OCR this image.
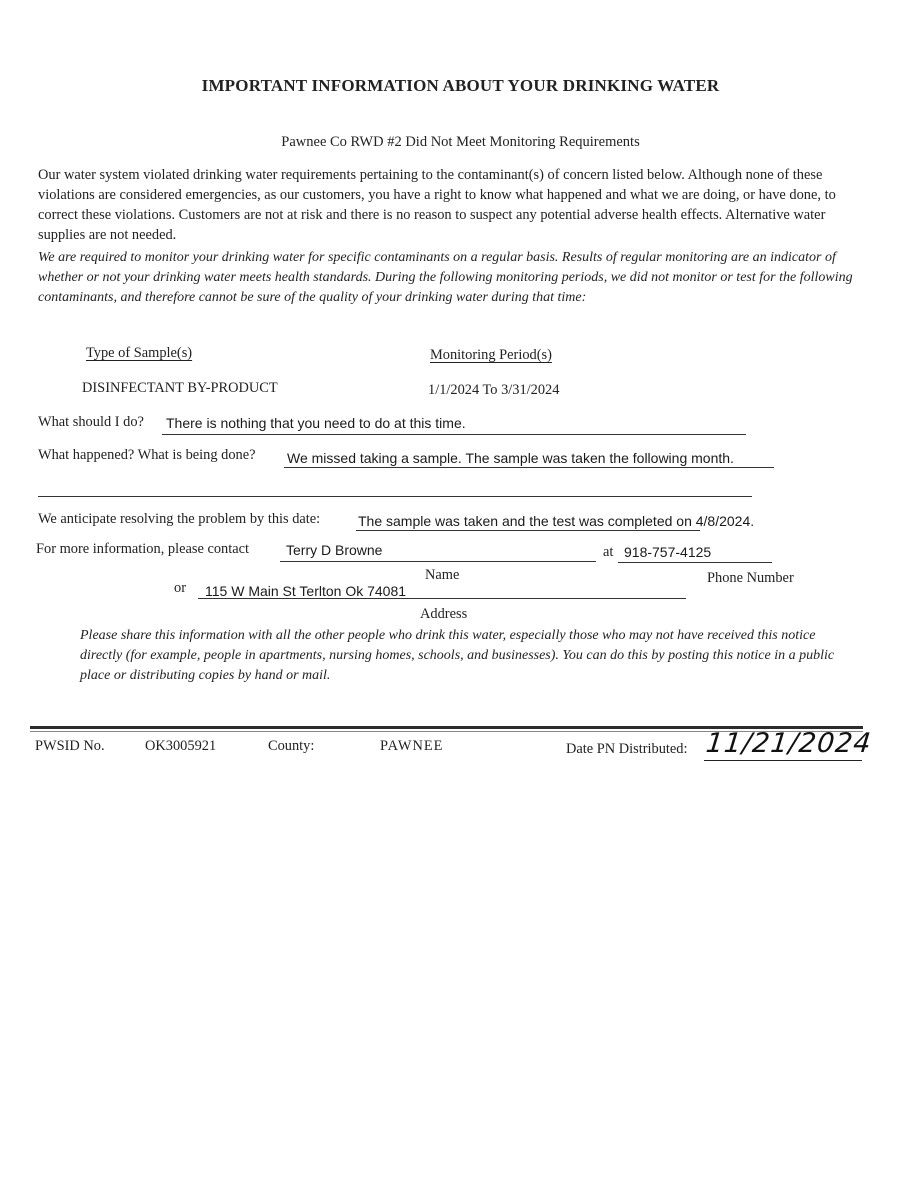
IMPORTANT INFORMATION ABOUT YOUR DRINKING WATER
Pawnee Co RWD #2 Did Not Meet Monitoring Requirements
Our water system violated drinking water requirements pertaining to the contaminant(s) of concern listed below. Although none of these violations are considered emergencies, as our customers, you have a right to know what happened and what we are doing, or have done, to correct these violations. Customers are not at risk and there is no reason to suspect any potential adverse health effects. Alternative water supplies are not needed.
We are required to monitor your drinking water for specific contaminants on a regular basis. Results of regular monitoring are an indicator of whether or not your drinking water meets health standards. During the following monitoring periods, we did not monitor or test for the following contaminants, and therefore cannot be sure of the quality of your drinking water during that time:
Type of Sample(s)	Monitoring Period(s)
DISINFECTANT BY-PRODUCT	1/1/2024 To 3/31/2024
What should I do? There is nothing that you need to do at this time.
What happened? What is being done? We missed taking a sample. The sample was taken the following month.
We anticipate resolving the problem by this date:	The sample was taken and the test was completed on 4/8/2024.
For more information, please contact	Terry D Browne	at 918-757-4125
Name	Phone Number
or 115 W Main St Terlton Ok 74081
Address
Please share this information with all the other people who drink this water, especially those who may not have received this notice directly (for example, people in apartments, nursing homes, schools, and businesses). You can do this by posting this notice in a public place or distributing copies by hand or mail.
PWSID No.	OK3005921	County:	PAWNEE	Date PN Distributed: 11/21/2024
